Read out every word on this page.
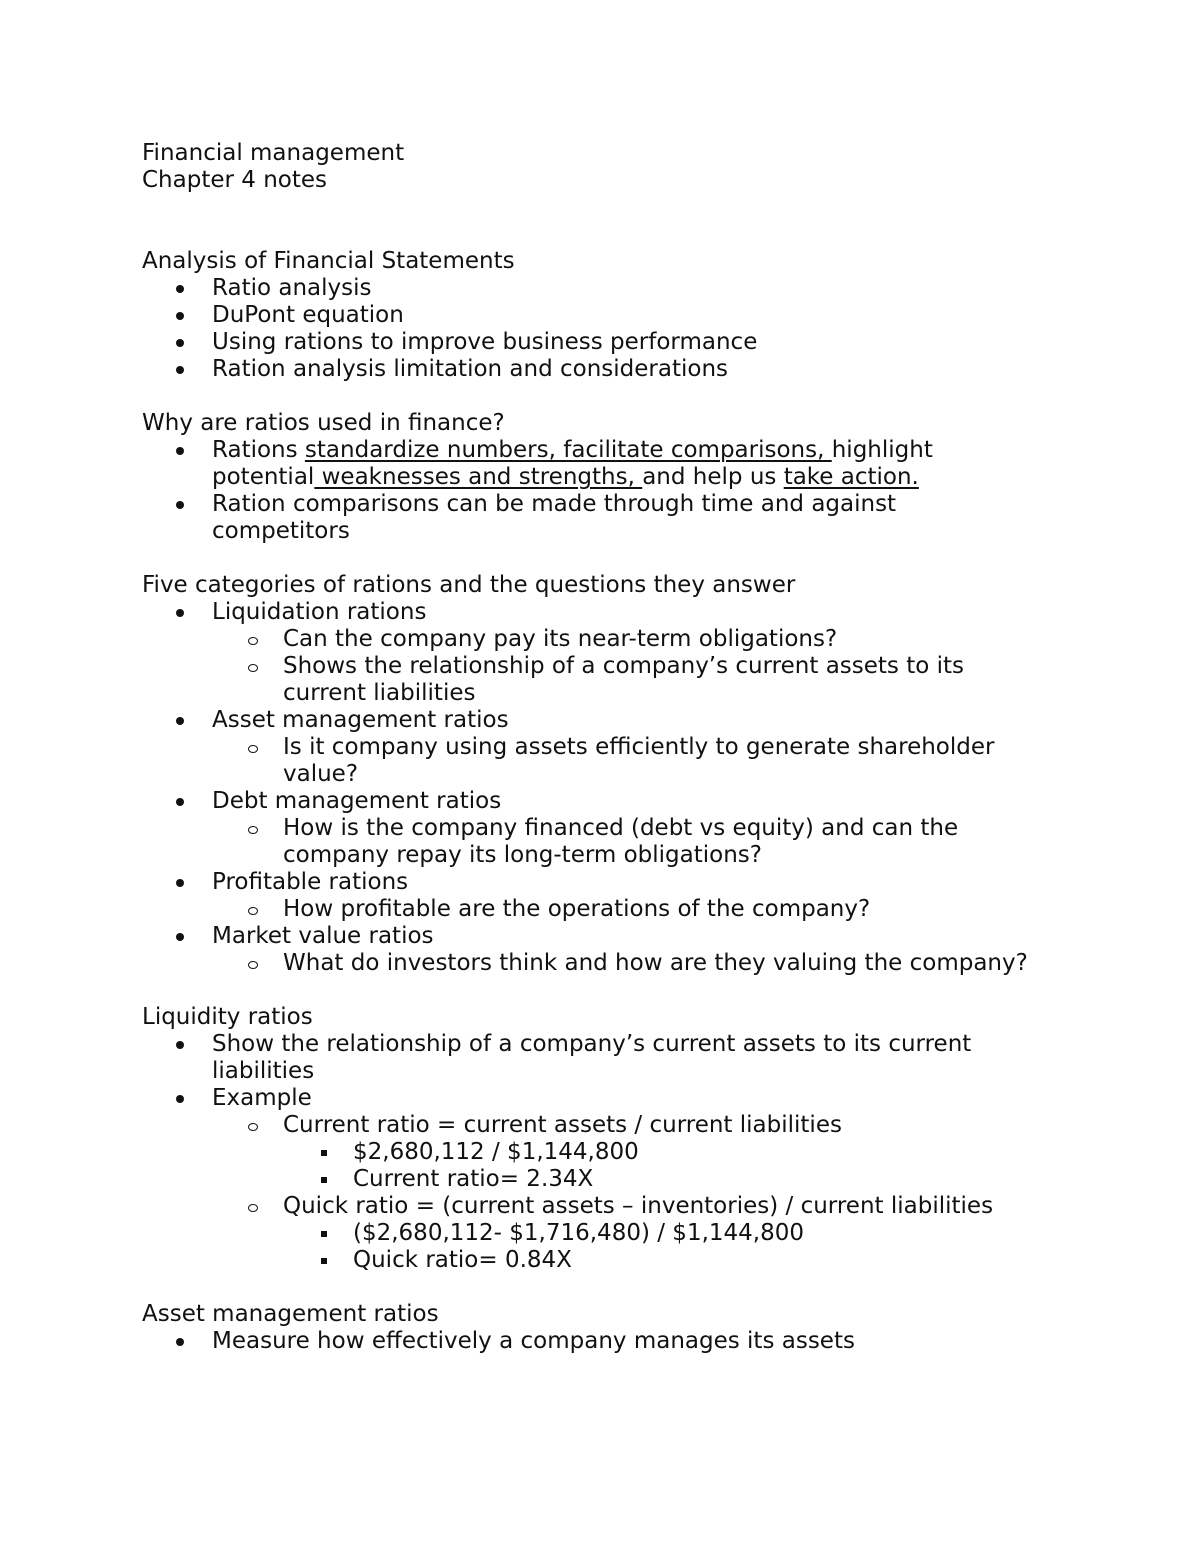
Financial management
Chapter 4 notes
Analysis of Financial Statements
Ratio analysis
DuPont equation
Using rations to improve business performance
Ration analysis limitation and considerations
Why are ratios used in finance?
Rations standardize numbers, facilitate comparisons, highlight
potential weaknesses and strengths, and help us take action.
Ration comparisons can be made through time and against
competitors
Five categories of rations and the questions they answer
Liquidation rations
Can the company pay its near-term obligations?
Shows the relationship of a company’s current assets to its
current liabilities
Asset management ratios
Is it company using assets efficiently to generate shareholder
value?
Debt management ratios
How is the company financed (debt vs equity) and can the
company repay its long-term obligations?
Profitable rations
How profitable are the operations of the company?
Market value ratios
What do investors think and how are they valuing the company?
Liquidity ratios
Show the relationship of a company’s current assets to its current
liabilities
Example
Current ratio = current assets / current liabilities
$2,680,112 / $1,144,800
Current ratio= 2.34X
Quick ratio = (current assets – inventories) / current liabilities
($2,680,112- $1,716,480) / $1,144,800
Quick ratio= 0.84X
Asset management ratios
Measure how effectively a company manages its assets
